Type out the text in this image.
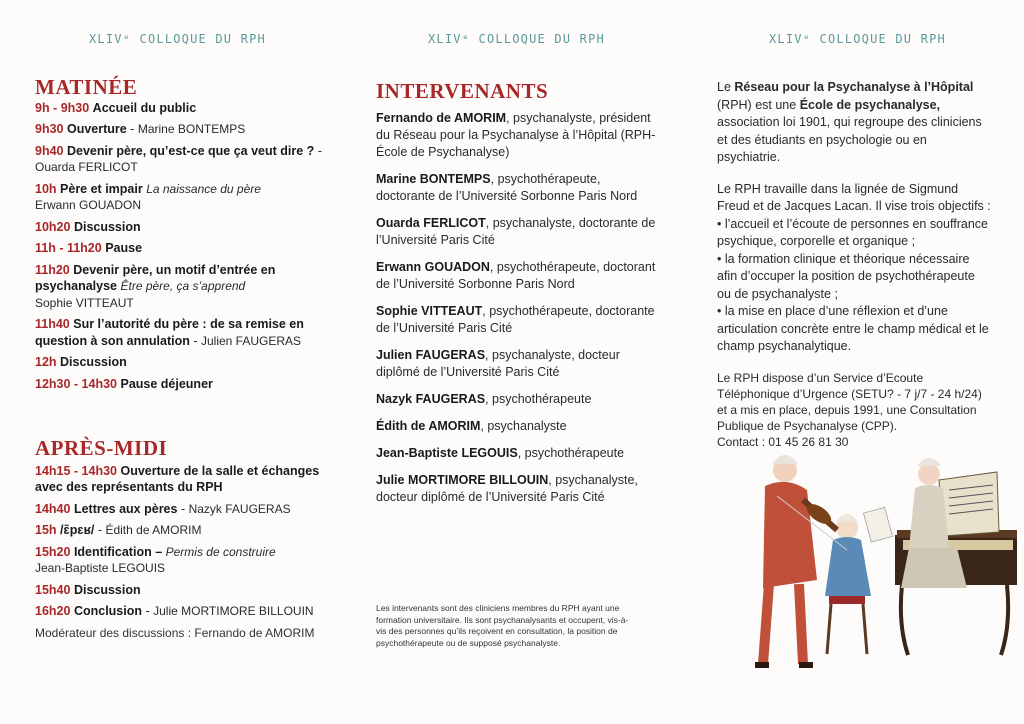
XLIVᵉ COLLOQUE DU RPH
MATINÉE
9h - 9h30 Accueil du public
9h30 Ouverture - Marine BONTEMPS
9h40 Devenir père, qu’est-ce que ça veut dire ? - Ouarda FERLICOT
10h Père et impair La naissance du père
Erwann GOUADON
10h20 Discussion
11h - 11h20 Pause
11h20 Devenir père, un motif d’entrée en psychanalyse Être père, ça s’apprend
Sophie VITTEAUT
11h40 Sur l’autorité du père : de sa remise en question à son annulation - Julien FAUGERAS
12h Discussion
12h30 - 14h30 Pause déjeuner
APRÈS-MIDI
14h15 - 14h30 Ouverture de la salle et échanges avec des représentants du RPH
14h40 Lettres aux pères - Nazyk FAUGERAS
15h /ɛ̃pɛʁ/ - Édith de AMORIM
15h20 Identification – Permis de construire
Jean-Baptiste LEGOUIS
15h40 Discussion
16h20 Conclusion - Julie MORTIMORE BILLOUIN
Modérateur des discussions : Fernando de AMORIM
XLIVᵉ COLLOQUE DU RPH
INTERVENANTS
Fernando de AMORIM, psychanalyste, président du Réseau pour la Psychanalyse à l’Hôpital (RPH-École de Psychanalyse)
Marine BONTEMPS, psychothérapeute, doctorante de l’Université Sorbonne Paris Nord
Ouarda FERLICOT, psychanalyste, doctorante de l’Université Paris Cité
Erwann GOUADON, psychothérapeute, doctorant de l’Université Sorbonne Paris Nord
Sophie VITTEAUT, psychothérapeute, doctorante de l’Université Paris Cité
Julien FAUGERAS, psychanalyste, docteur diplômé de l’Université Paris Cité
Nazyk FAUGERAS, psychothérapeute
Édith de AMORIM, psychanalyste
Jean-Baptiste LEGOUIS, psychothérapeute
Julie MORTIMORE BILLOUIN, psychanalyste, docteur diplômé de l’Université Paris Cité
Les intervenants sont des cliniciens membres du RPH ayant une formation universitaire. Ils sont psychanalysants et occupent, vis-à-vis des personnes qu’ils reçoivent en consultation, la position de psychothérapeute ou de supposé psychanalyste.
XLIVᵉ COLLOQUE DU RPH

Le Réseau pour la Psychanalyse à l’Hôpital (RPH) est une École de psychanalyse, association loi 1901, qui regroupe des cliniciens et des étudiants en psychologie ou en psychiatrie.

Le RPH travaille dans la lignée de Sigmund Freud et de Jacques Lacan. Il vise trois objectifs :
• l’accueil et l’écoute de personnes en souffrance psychique, corporelle et organique ;
• la formation clinique et théorique nécessaire afin d’occuper la position de psychothérapeute ou de psychanalyste ;
• la mise en place d’une réflexion et d’une articulation concrète entre le champ médical et le champ psychanalytique.

Le RPH dispose d’un Service d’Ecoute Téléphonique d’Urgence (SETU? - 7 j/7 - 24 h/24) et a mis en place, depuis 1991, une Consultation Publique de Psychanalyse (CPP).
Contact : 01 45 26 81 30
